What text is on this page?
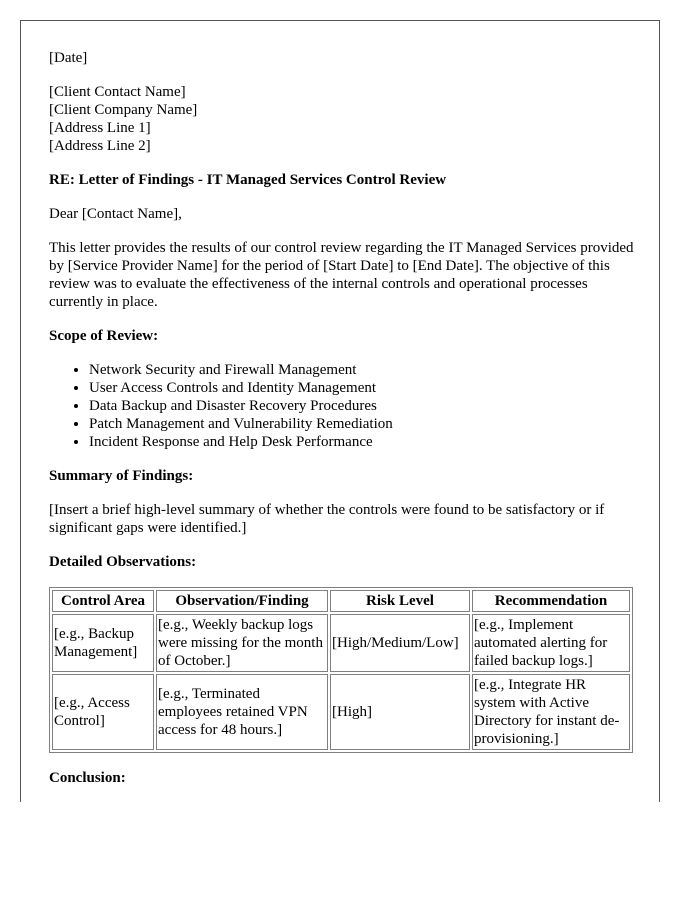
[Date]

[Client Contact Name]
[Client Company Name]
[Address Line 1]
[Address Line 2]

RE: Letter of Findings - IT Managed Services Control Review

Dear [Contact Name],

This letter provides the results of our control review regarding the IT Managed Services provided by [Service Provider Name] for the period of [Start Date] to [End Date]. The objective of this review was to evaluate the effectiveness of the internal controls and operational processes currently in place.

Scope of Review:

• Network Security and Firewall Management
• User Access Controls and Identity Management
• Data Backup and Disaster Recovery Procedures
• Patch Management and Vulnerability Remediation
• Incident Response and Help Desk Performance

Summary of Findings:

[Insert a brief high-level summary of whether the controls were found to be satisfactory or if significant gaps were identified.]

Detailed Observations:

Control Area	Observation/Finding	Risk Level	Recommendation
[e.g., Backup Management]	[e.g., Weekly backup logs were missing for the month of October.]	[High/Medium/Low]	[e.g., Implement automated alerting for failed backup logs.]
[e.g., Access Control]	[e.g., Terminated employees retained VPN access for 48 hours.]	[High]	[e.g., Integrate HR system with Active Directory for instant de-provisioning.]

Conclusion:
